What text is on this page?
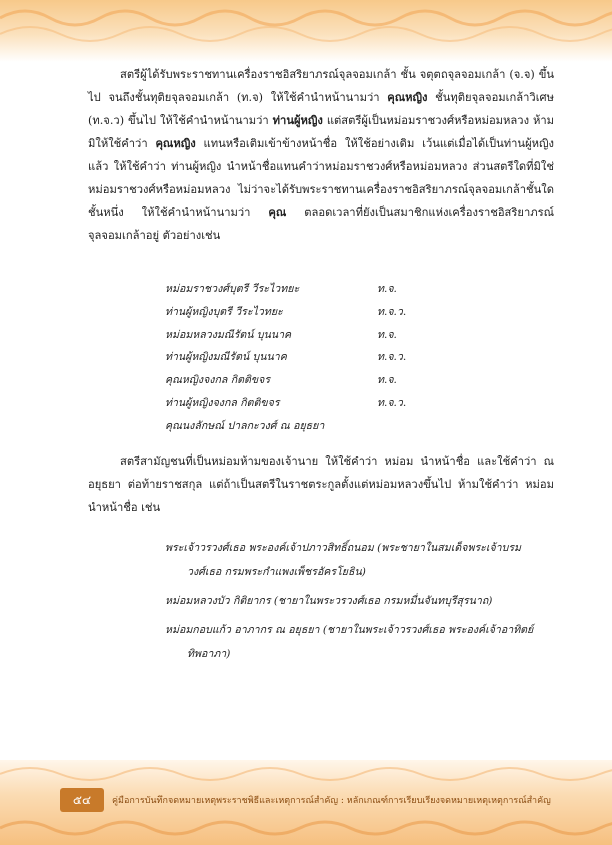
สตรีผู้ได้รับพระราชทานเครื่องราชอิสริยาภรณ์จุลจอมเกล้า ชั้น จตุตถจุลจอมเกล้า (จ.จ) ขึ้นไป จนถึงชั้นทุติยจุลจอมเกล้า (ท.จ) ให้ใช้คำนำหน้านามว่า คุณหญิง ชั้นทุติยจุลจอมเกล้าวิเศษ (ท.จ.ว) ขึ้นไป ให้ใช้คำนำหน้านามว่า ท่านผู้หญิง แต่สตรีผู้เป็นหม่อมราชวงศ์หรือหม่อมหลวง ห้ามมิให้ใช้คำว่า คุณหญิง แทนหรือเติมเข้าข้างหน้าชื่อ ให้ใช้อย่างเดิม เว้นแต่เมื่อได้เป็นท่านผู้หญิงแล้ว ให้ใช้คำว่า ท่านผู้หญิง นำหน้าชื่อแทนคำว่าหม่อมราชวงศ์หรือหม่อมหลวง ส่วนสตรีใดที่มิใช่หม่อมราชวงศ์หรือหม่อมหลวง ไม่ว่าจะได้รับพระราชทานเครื่องราชอิสริยาภรณ์จุลจอมเกล้าชั้นใดชั้นหนึ่ง ให้ใช้คำนำหน้านามว่า คุณ ตลอดเวลาที่ยังเป็นสมาชิกแห่งเครื่องราชอิสริยาภรณ์จุลจอมเกล้าอยู่ ตัวอย่างเช่น
หม่อมราชวงศ์บุตรี วีระไวทยะ	ท.จ.
ท่านผู้หญิงบุตรี วีระไวทยะ	ท.จ.ว.
หม่อมหลวงมณีรัตน์ บุนนาค	ท.จ.
ท่านผู้หญิงมณีรัตน์ บุนนาค	ท.จ.ว.
คุณหญิงจงกล กิตติขจร	ท.จ.
ท่านผู้หญิงจงกล กิตติขจร	ท.จ.ว.
คุณนงลักษณ์ ปาลกะวงศ์ ณ อยุธยา
สตรีสามัญชนที่เป็นหม่อมห้ามของเจ้านาย ให้ใช้คำว่า หม่อม นำหน้าชื่อ และใช้คำว่า ณ อยุธยา ต่อท้ายราชสกุล แต่ถ้าเป็นสตรีในราชตระกูลตั้งแต่หม่อมหลวงขึ้นไป ห้ามใช้คำว่า หม่อม นำหน้าชื่อ เช่น
พระเจ้าวรวงศ์เธอ พระองค์เจ้าปภาวสิทธิ์ถนอม (พระชายาในสมเด็จพระเจ้าบรมวงศ์เธอ กรมพระกำแพงเพ็ชรอัครโยธิน)
หม่อมหลวงบัว กิติยากร (ชายาในพระวรวงศ์เธอ กรมหมื่นจันทบุรีสุรนาถ)
หม่อมกอบแก้ว อาภากร ณ อยุธยา (ชายาในพระเจ้าวรวงศ์เธอ พระองค์เจ้าอาทิตย์ทิพอาภา)
๕๔	คู่มือการบันทึกจดหมายเหตุพระราชพิธีและเหตุการณ์สำคัญ : หลักเกณฑ์การเรียบเรียงจดหมายเหตุเหตุการณ์สำคัญ
